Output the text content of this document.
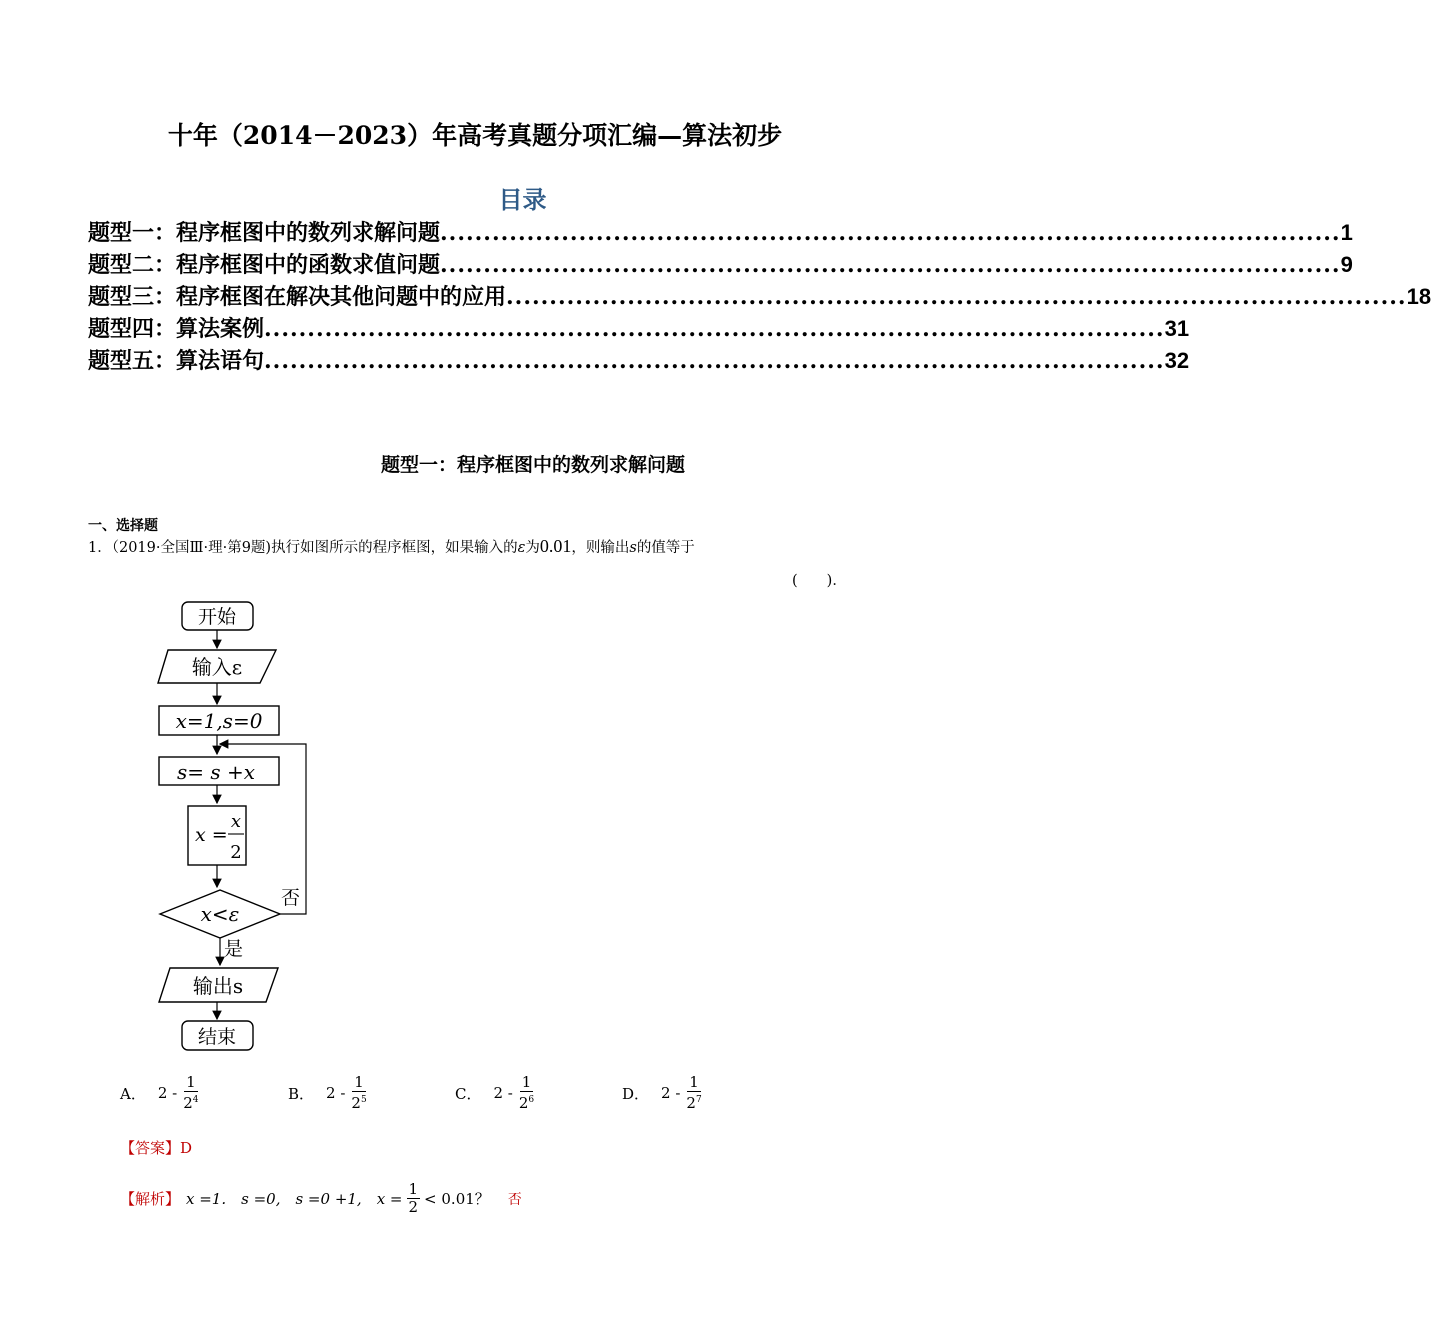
十年（2014－2023）年高考真题分项汇编—算法初步
目录
题型一：程序框图中的数列求解问题 ........................................................................................................ 1
题型二：程序框图中的函数求值问题 ........................................................................................................ 9
题型三：程序框图在解决其他问题中的应用 ........................................................................................................ 18
题型四：算法案例 ........................................................................................................ 31
题型五：算法语句 ........................................................................................................ 32
题型一：程序框图中的数列求解问题
一、选择题
1．（2019·全国Ⅲ·理·第9题)执行如图所示的程序框图，如果输入的ε为0.01，则输出s的值等于
(　　)．
开始
输入ε
x=1,s=0
s= s +x
x =
x
2
x<ε
否
是
输出s
结束
A． $2 - \frac{1}{2^4}$	B． $2 - \frac{1}{2^5}$	C． $2 - \frac{1}{2^6}$	D． $2 - \frac{1}{2^7}$
【答案】D
【解析】 x =1.　s =0,　s =0 +1,　$x = \frac{1}{2} < 0.01$？ 否
